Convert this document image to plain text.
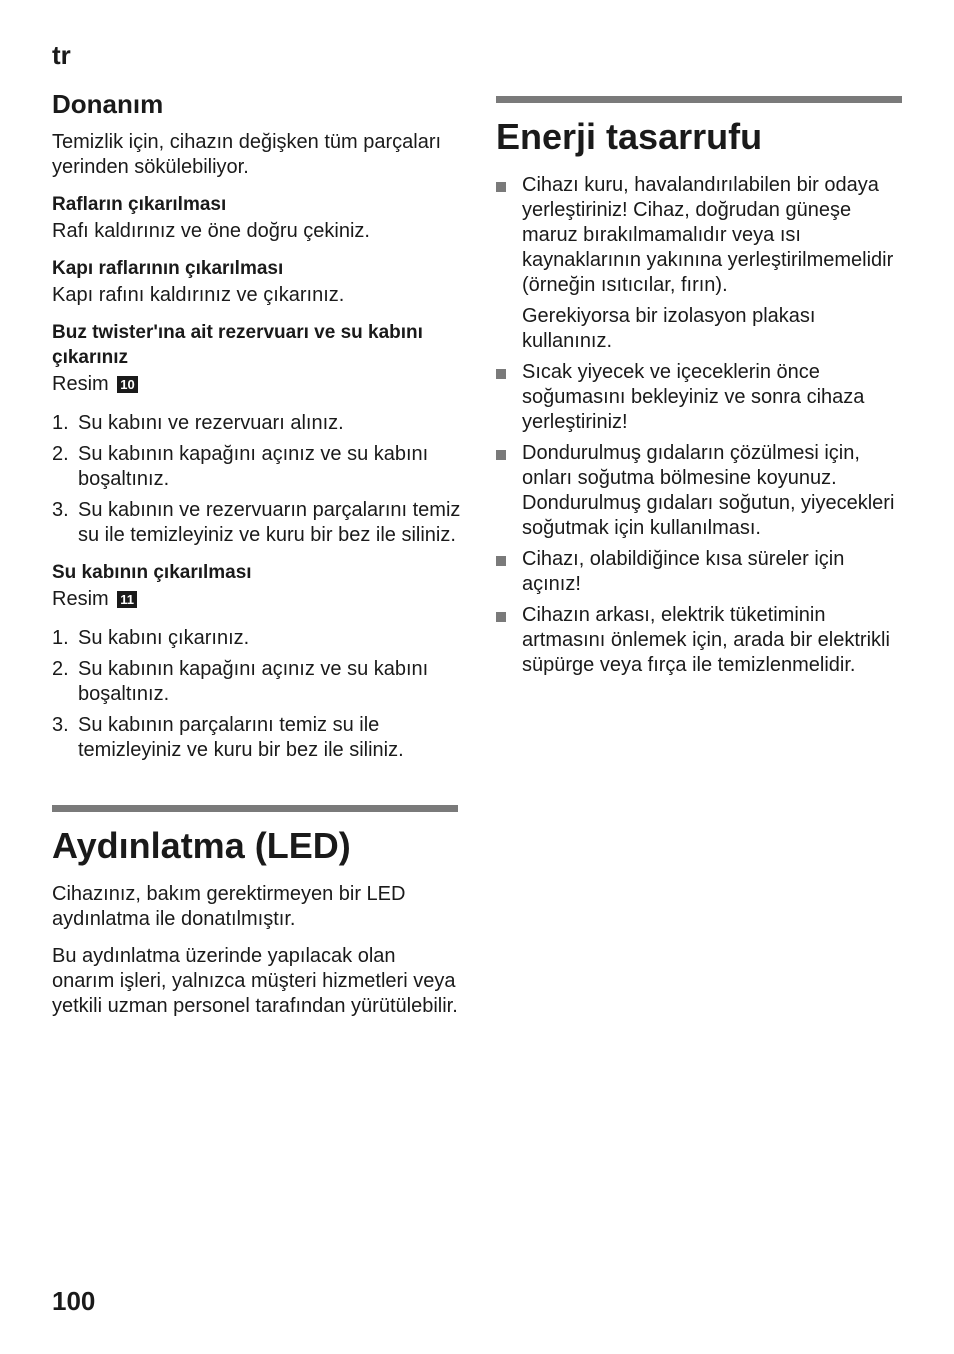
tr
Donanım

Temizlik için, cihazın değişken tüm parçaları yerinden sökülebiliyor.

Rafların çıkarılması

Rafı kaldırınız ve öne doğru çekiniz.

Kapı raflarının çıkarılması

Kapı rafını kaldırınız ve çıkarınız.

Buz twister'ına ait rezervuarı ve su kabını çıkarınız
Resim 10
1. Su kabını ve rezervuarı alınız.
2. Su kabının kapağını açınız ve su kabını boşaltınız.
3. Su kabının ve rezervuarın parçalarını temiz su ile temizleyiniz ve kuru bir bez ile siliniz.
Su kabının çıkarılması
Resim 11
1. Su kabını çıkarınız.
2. Su kabının kapağını açınız ve su kabını boşaltınız.
3. Su kabının parçalarını temiz su ile temizleyiniz ve kuru bir bez ile siliniz.
Aydınlatma (LED)

Cihazınız, bakım gerektirmeyen bir LED aydınlatma ile donatılmıştır.

Bu aydınlatma üzerinde yapılacak olan onarım işleri, yalnızca müşteri hizmetleri veya yetkili uzman personel tarafından yürütülebilir.

Enerji tasarrufu
Cihazı kuru, havalandırılabilen bir odaya yerleştiriniz! Cihaz, doğrudan güneşe maruz bırakılmamalıdır veya ısı kaynaklarının yakınına yerleştirilmemelidir (örneğin ısıtıcılar, fırın).
Gerekiyorsa bir izolasyon plakası kullanınız.
Sıcak yiyecek ve içeceklerin önce soğumasını bekleyiniz ve sonra cihaza yerleştiriniz!
Dondurulmuş gıdaların çözülmesi için, onları soğutma bölmesine koyunuz. Dondurulmuş gıdaları soğutun, yiyecekleri soğutmak için kullanılması.
Cihazı, olabildiğince kısa süreler için açınız!
Cihazın arkası, elektrik tüketiminin artmasını önlemek için, arada bir elektrikli süpürge veya fırça ile temizlenmelidir.
100
